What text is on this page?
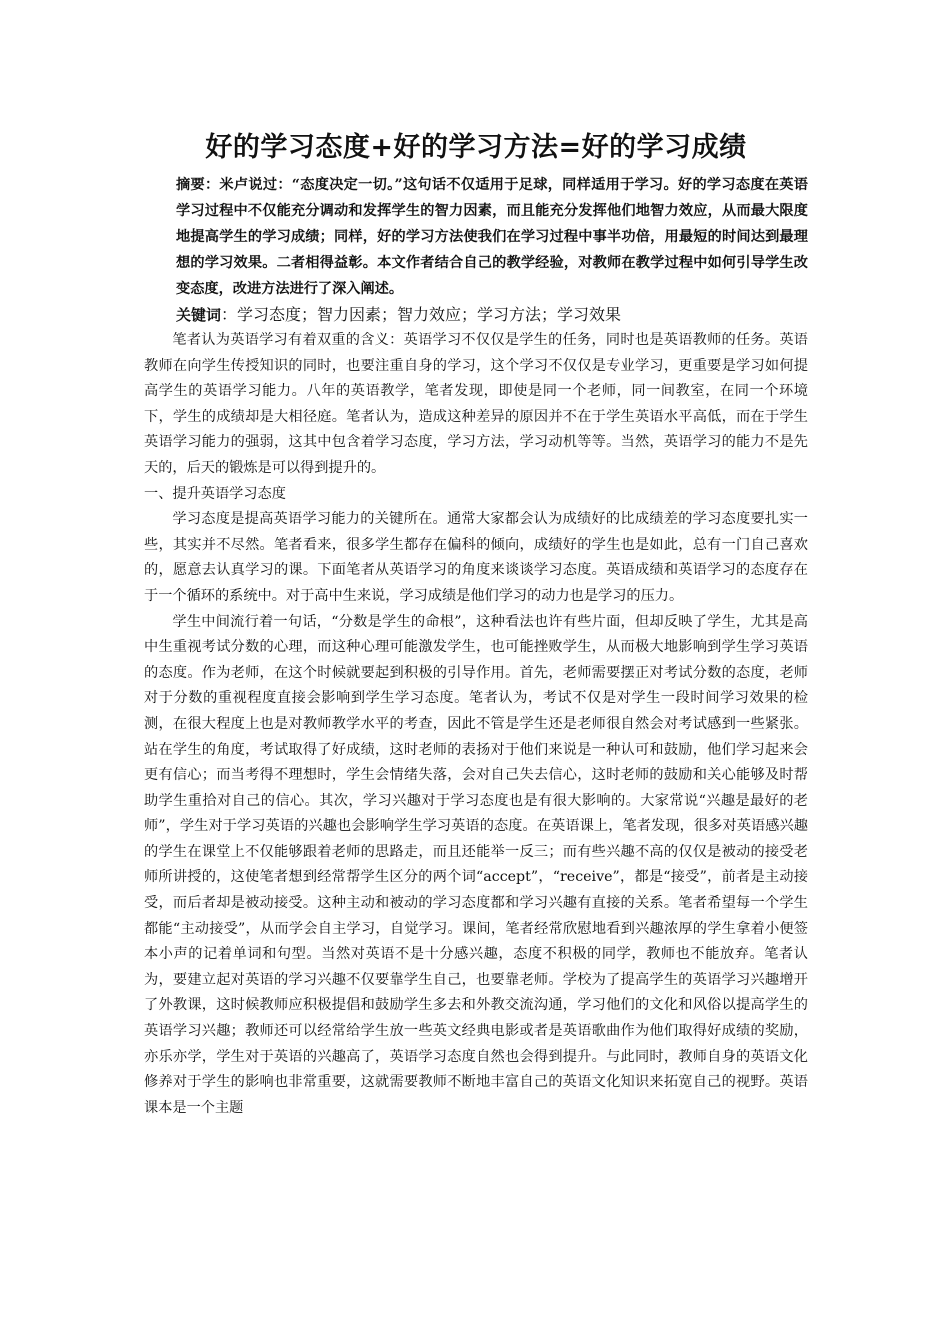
好的学习态度+好的学习方法=好的学习成绩

摘要：米卢说过：“态度决定一切。”这句话不仅适用于足球，同样适用于学习。好的学习态度在英语学习过程中不仅能充分调动和发挥学生的智力因素，而且能充分发挥他们地智力效应，从而最大限度地提高学生的学习成绩；同样，好的学习方法使我们在学习过程中事半功倍，用最短的时间达到最理想的学习效果。二者相得益彰。本文作者结合自己的教学经验，对教师在教学过程中如何引导学生改变态度，改进方法进行了深入阐述。

关键词：学习态度；智力因素；智力效应；学习方法；学习效果

笔者认为英语学习有着双重的含义：英语学习不仅仅是学生的任务，同时也是英语教师的任务。英语教师在向学生传授知识的同时，也要注重自身的学习，这个学习不仅仅是专业学习，更重要是学习如何提高学生的英语学习能力。八年的英语教学，笔者发现，即使是同一个老师，同一间教室，在同一个环境下，学生的成绩却是大相径庭。笔者认为，造成这种差异的原因并不在于学生英语水平高低，而在于学生英语学习能力的强弱，这其中包含着学习态度，学习方法，学习动机等等。当然，英语学习的能力不是先天的，后天的锻炼是可以得到提升的。

一、提升英语学习态度

学习态度是提高英语学习能力的关键所在。通常大家都会认为成绩好的比成绩差的学习态度要扎实一些，其实并不尽然。笔者看来，很多学生都存在偏科的倾向，成绩好的学生也是如此，总有一门自己喜欢的，愿意去认真学习的课。下面笔者从英语学习的角度来谈谈学习态度。英语成绩和英语学习的态度存在于一个循环的系统中。对于高中生来说，学习成绩是他们学习的动力也是学习的压力。

学生中间流行着一句话，“分数是学生的命根”，这种看法也许有些片面，但却反映了学生，尤其是高中生重视考试分数的心理，而这种心理可能激发学生，也可能挫败学生，从而极大地影响到学生学习英语的态度。作为老师，在这个时候就要起到积极的引导作用。首先，老师需要摆正对考试分数的态度，老师对于分数的重视程度直接会影响到学生学习态度。笔者认为，考试不仅是对学生一段时间学习效果的检测，在很大程度上也是对教师教学水平的考查，因此不管是学生还是老师很自然会对考试感到一些紧张。站在学生的角度，考试取得了好成绩，这时老师的表扬对于他们来说是一种认可和鼓励，他们学习起来会更有信心；而当考得不理想时，学生会情绪失落，会对自己失去信心，这时老师的鼓励和关心能够及时帮助学生重拾对自己的信心。其次，学习兴趣对于学习态度也是有很大影响的。大家常说“兴趣是最好的老师”，学生对于学习英语的兴趣也会影响学生学习英语的态度。在英语课上，笔者发现，很多对英语感兴趣的学生在课堂上不仅能够跟着老师的思路走，而且还能举一反三；而有些兴趣不高的仅仅是被动的接受老师所讲授的，这使笔者想到经常帮学生区分的两个词“accept”，“receive”，都是“接受”，前者是主动接受，而后者却是被动接受。这种主动和被动的学习态度都和学习兴趣有直接的关系。笔者希望每一个学生都能“主动接受”，从而学会自主学习，自觉学习。课间，笔者经常欣慰地看到兴趣浓厚的学生拿着小便签本小声的记着单词和句型。当然对英语不是十分感兴趣，态度不积极的同学，教师也不能放弃。笔者认为，要建立起对英语的学习兴趣不仅要靠学生自己，也要靠老师。学校为了提高学生的英语学习兴趣增开了外教课，这时候教师应积极提倡和鼓励学生多去和外教交流沟通，学习他们的文化和风俗以提高学生的英语学习兴趣；教师还可以经常给学生放一些英文经典电影或者是英语歌曲作为他们取得好成绩的奖励，亦乐亦学，学生对于英语的兴趣高了，英语学习态度自然也会得到提升。与此同时，教师自身的英语文化修养对于学生的影响也非常重要，这就需要教师不断地丰富自己的英语文化知识来拓宽自己的视野。英语课本是一个主题
